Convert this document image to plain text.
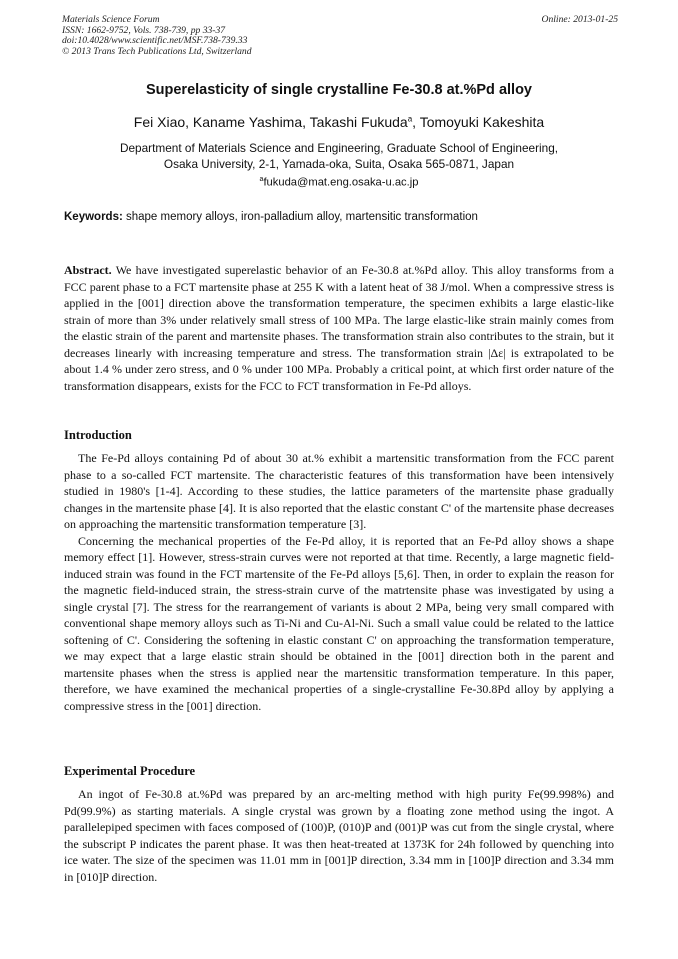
Materials Science Forum
ISSN: 1662-9752, Vols. 738-739, pp 33-37
doi:10.4028/www.scientific.net/MSF.738-739.33
© 2013 Trans Tech Publications Ltd, Switzerland
Online: 2013-01-25
Superelasticity of single crystalline Fe-30.8 at.%Pd alloy
Fei Xiao, Kaname Yashima, Takashi Fukuda$^a$, Tomoyuki Kakeshita
Department of Materials Science and Engineering, Graduate School of Engineering,
Osaka University, 2-1, Yamada-oka, Suita, Osaka 565-0871, Japan
$^a$fukuda@mat.eng.osaka-u.ac.jp
Keywords: shape memory alloys, iron-palladium alloy, martensitic transformation
Abstract. We have investigated superelastic behavior of an Fe-30.8 at.%Pd alloy. This alloy transforms from a FCC parent phase to a FCT martensite phase at 255 K with a latent heat of 38 J/mol. When a compressive stress is applied in the [001] direction above the transformation temperature, the specimen exhibits a large elastic-like strain of more than 3% under relatively small stress of 100 MPa. The large elastic-like strain mainly comes from the elastic strain of the parent and martensite phases. The transformation strain also contributes to the strain, but it decreases linearly with increasing temperature and stress. The transformation strain |Δε| is extrapolated to be about 1.4 % under zero stress, and 0 % under 100 MPa. Probably a critical point, at which first order nature of the transformation disappears, exists for the FCC to FCT transformation in Fe-Pd alloys.
Introduction

The Fe-Pd alloys containing Pd of about 30 at.% exhibit a martensitic transformation from the FCC parent phase to a so-called FCT martensite. The characteristic features of this transformation have been intensively studied in 1980's [1-4]. According to these studies, the lattice parameters of the martensite phase gradually changes in the martensite phase [4]. It is also reported that the elastic constant C' of the martensite phase decreases on approaching the martensitic transformation temperature [3].

Concerning the mechanical properties of the Fe-Pd alloy, it is reported that an Fe-Pd alloy shows a shape memory effect [1]. However, stress-strain curves were not reported at that time. Recently, a large magnetic field-induced strain was found in the FCT martensite of the Fe-Pd alloys [5,6]. Then, in order to explain the reason for the magnetic field-induced strain, the stress-strain curve of the matrtensite phase was investigated by using a single crystal [7]. The stress for the rearrangement of variants is about 2 MPa, being very small compared with conventional shape memory alloys such as Ti-Ni and Cu-Al-Ni. Such a small value could be related to the lattice softening of C'. Considering the softening in elastic constant C' on approaching the transformation temperature, we may expect that a large elastic strain should be obtained in the [001] direction both in the parent and martensite phases when the stress is applied near the martensitic transformation temperature. In this paper, therefore, we have examined the mechanical properties of a single-crystalline Fe-30.8Pd alloy by applying a compressive stress in the [001] direction.

Experimental Procedure

An ingot of Fe-30.8 at.%Pd was prepared by an arc-melting method with high purity Fe(99.998%) and Pd(99.9%) as starting materials. A single crystal was grown by a floating zone method using the ingot. A parallelepiped specimen with faces composed of (100)P, (010)P and (001)P was cut from the single crystal, where the subscript P indicates the parent phase. It was then heat-treated at 1373K for 24h followed by quenching into ice water. The size of the specimen was 11.01 mm in [001]P direction, 3.34 mm in [100]P direction and 3.34 mm in [010]P direction.
